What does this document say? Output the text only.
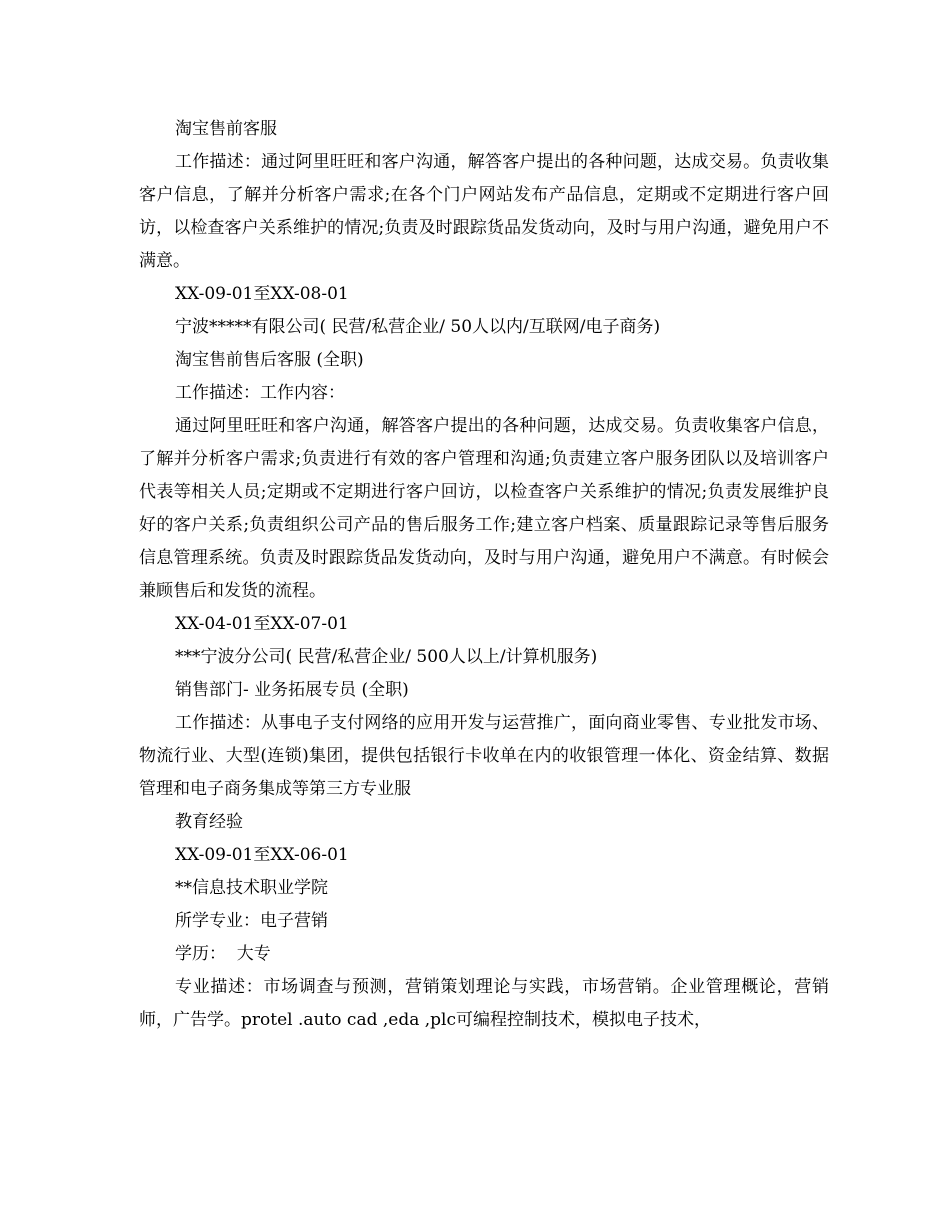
淘宝售前客服

工作描述：通过阿里旺旺和客户沟通，解答客户提出的各种问题，达成交易。负责收集客户信息，了解并分析客户需求;在各个门户网站发布产品信息，定期或不定期进行客户回访，以检查客户关系维护的情况;负责及时跟踪货品发货动向，及时与用户沟通，避免用户不满意。

XX-09-01至XX-08-01

宁波*****有限公司( 民营/私营企业/ 50人以内/互联网/电子商务)

淘宝售前售后客服 (全职)

工作描述：工作内容：

通过阿里旺旺和客户沟通，解答客户提出的各种问题，达成交易。负责收集客户信息，了解并分析客户需求;负责进行有效的客户管理和沟通;负责建立客户服务团队以及培训客户代表等相关人员;定期或不定期进行客户回访，以检查客户关系维护的情况;负责发展维护良好的客户关系;负责组织公司产品的售后服务工作;建立客户档案、质量跟踪记录等售后服务信息管理系统。负责及时跟踪货品发货动向，及时与用户沟通，避免用户不满意。有时候会兼顾售后和发货的流程。

XX-04-01至XX-07-01

***宁波分公司( 民营/私营企业/ 500人以上/计算机服务)

销售部门- 业务拓展专员 (全职)

工作描述：从事电子支付网络的应用开发与运营推广，面向商业零售、专业批发市场、物流行业、大型(连锁)集团，提供包括银行卡收单在内的收银管理一体化、资金结算、数据管理和电子商务集成等第三方专业服

教育经验

XX-09-01至XX-06-01

**信息技术职业学院

所学专业：电子营销

学历：  大专

专业描述：市场调查与预测，营销策划理论与实践，市场营销。企业管理概论，营销师，广告学。protel .auto cad ,eda ,plc可编程控制技术，模拟电子技术，
